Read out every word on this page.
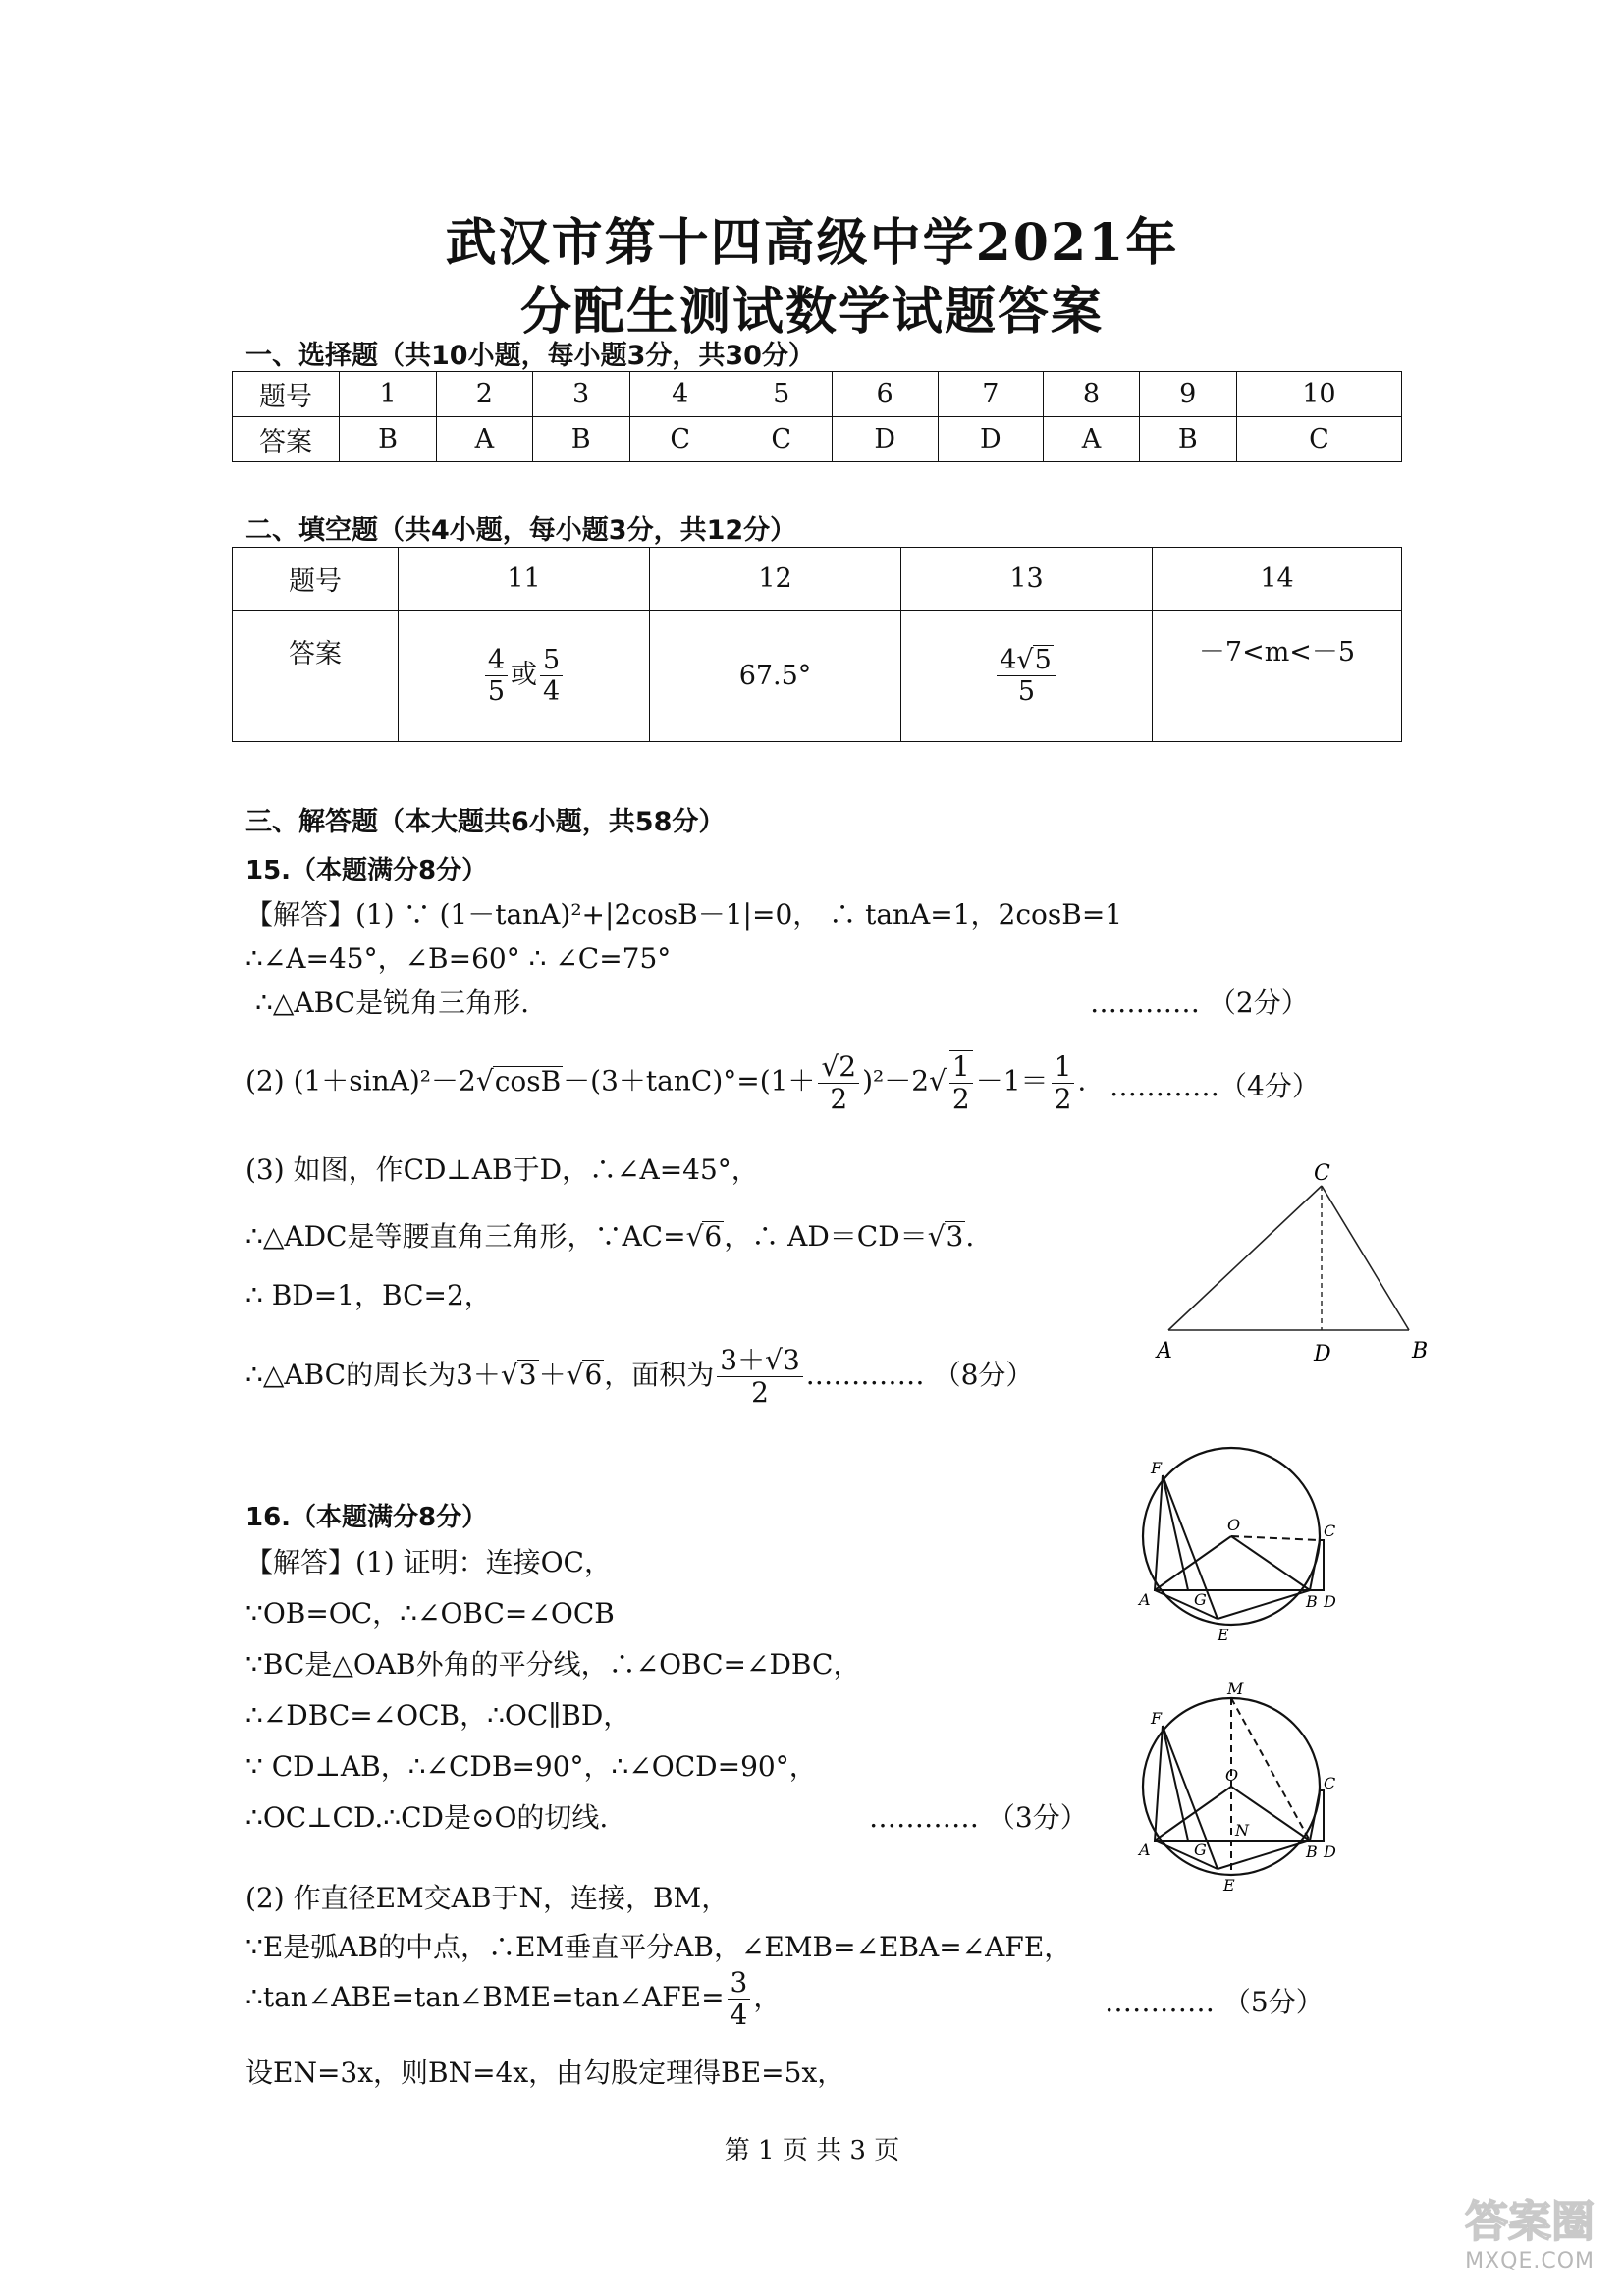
武汉市第十四高级中学2021年
分配生测试数学试题答案
一、选择题（共10小题，每小题3分，共30分）
题号	1	2	3	4	5	6	7	8	9	10
答案	B	A	B	C	C	D	D	A	B	C
二、填空题（共4小题，每小题3分，共12分）
题号	11	12	13	14
答案	$\frac{4}{5}$ 或 $\frac{5}{4}$	67.5°	$\frac{4√5}{5}$	－7<m<－5
三、解答题（本大题共6小题，共58分）
15.（本题满分8分）
【解答】(1) ∵ (1－tanA)²+|2cosB－1|=0， ∴ tanA=1，2cosB=1
∴∠A=45°，∠B=60° ∴ ∠C=75°
∴△ABC是锐角三角形.	………… （2分）
(2) $(1+\sin A)^2-2√\cos B-(3+\tan C)^\circ=(1+ \frac{√2}{2} )^2-2√ \frac{1}{2} -1= \frac{1}{2}$ . …………（4分）
(3) 如图，作CD⊥AB于D，∴∠A=45°，
∴△ADC是等腰直角三角形，∵AC=√6，∴ AD＝CD＝√3.
∴ BD=1，BC=2，
∴△ABC的周长为3＋√3＋√6，面积为 $\frac{3+√3}{2}$ .………… （8分）
C
A	D	B
16.（本题满分8分）
【解答】(1) 证明：连接OC，
∵OB=OC，∴∠OBC=∠OCB
∵BC是△OAB外角的平分线，∴∠OBC=∠DBC，
∴∠DBC=∠OCB，∴OC∥BD，
∵ CD⊥AB，∴∠CDB=90°，∴∠OCD=90°，
∴OC⊥CD.∴CD是⊙O的切线.	………… （3分）
(2) 作直径EM交AB于N，连接，BM，
∵E是弧AB的中点，∴EM垂直平分AB，∠EMB=∠EBA=∠AFE，
∴tan∠ABE=tan∠BME=tan∠AFE= $\frac{3}{4}$ ，	………… （5分）
设EN=3x，则BN=4x，由勾股定理得BE=5x，
F
O	C
A	G	B D
E
M
F
O	C
N
A	G	B D
E
第 1 页 共 3 页
答案圈
MXQE.COM
